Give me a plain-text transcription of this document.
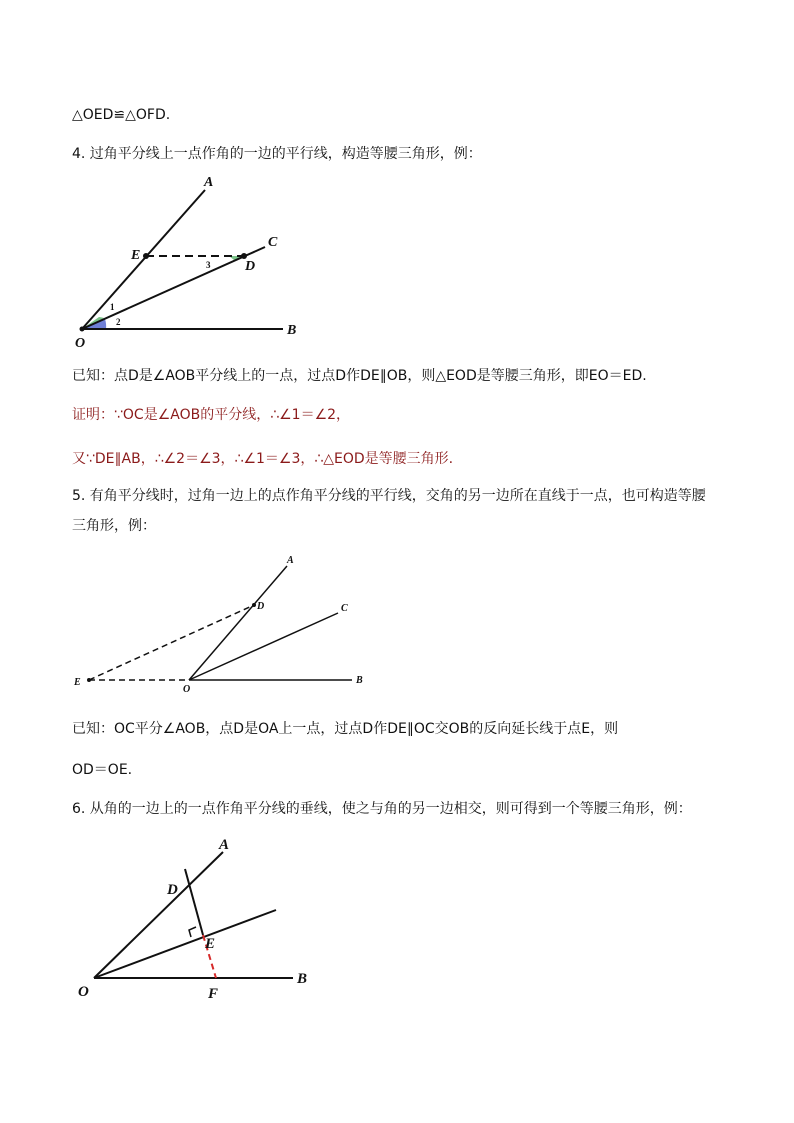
△OED≌△OFD.
4. 过角平分线上一点作角的一边的平行线，构造等腰三角形，例：
已知：点D是∠AOB平分线上的一点，过点D作DE∥OB，则△EOD是等腰三角形，即EO＝ED.
证明：∵OC是∠AOB的平分线，∴∠1＝∠2，
又∵DE∥AB，∴∠2＝∠3，∴∠1＝∠3，∴△EOD是等腰三角形.
5. 有角平分线时，过角一边上的点作角平分线的平行线，交角的另一边所在直线于一点，也可构造等腰
三角形，例：
已知：OC平分∠AOB，点D是OA上一点，过点D作DE∥OC交OB的反向延长线于点E，则
OD＝OE.
6. 从角的一边上的一点作角平分线的垂线，使之与角的另一边相交，则可得到一个等腰三角形，例：
A
E
C
D
3
1
2
O
B
A
D	C
E
O
B
A
D
E
O	F
B
